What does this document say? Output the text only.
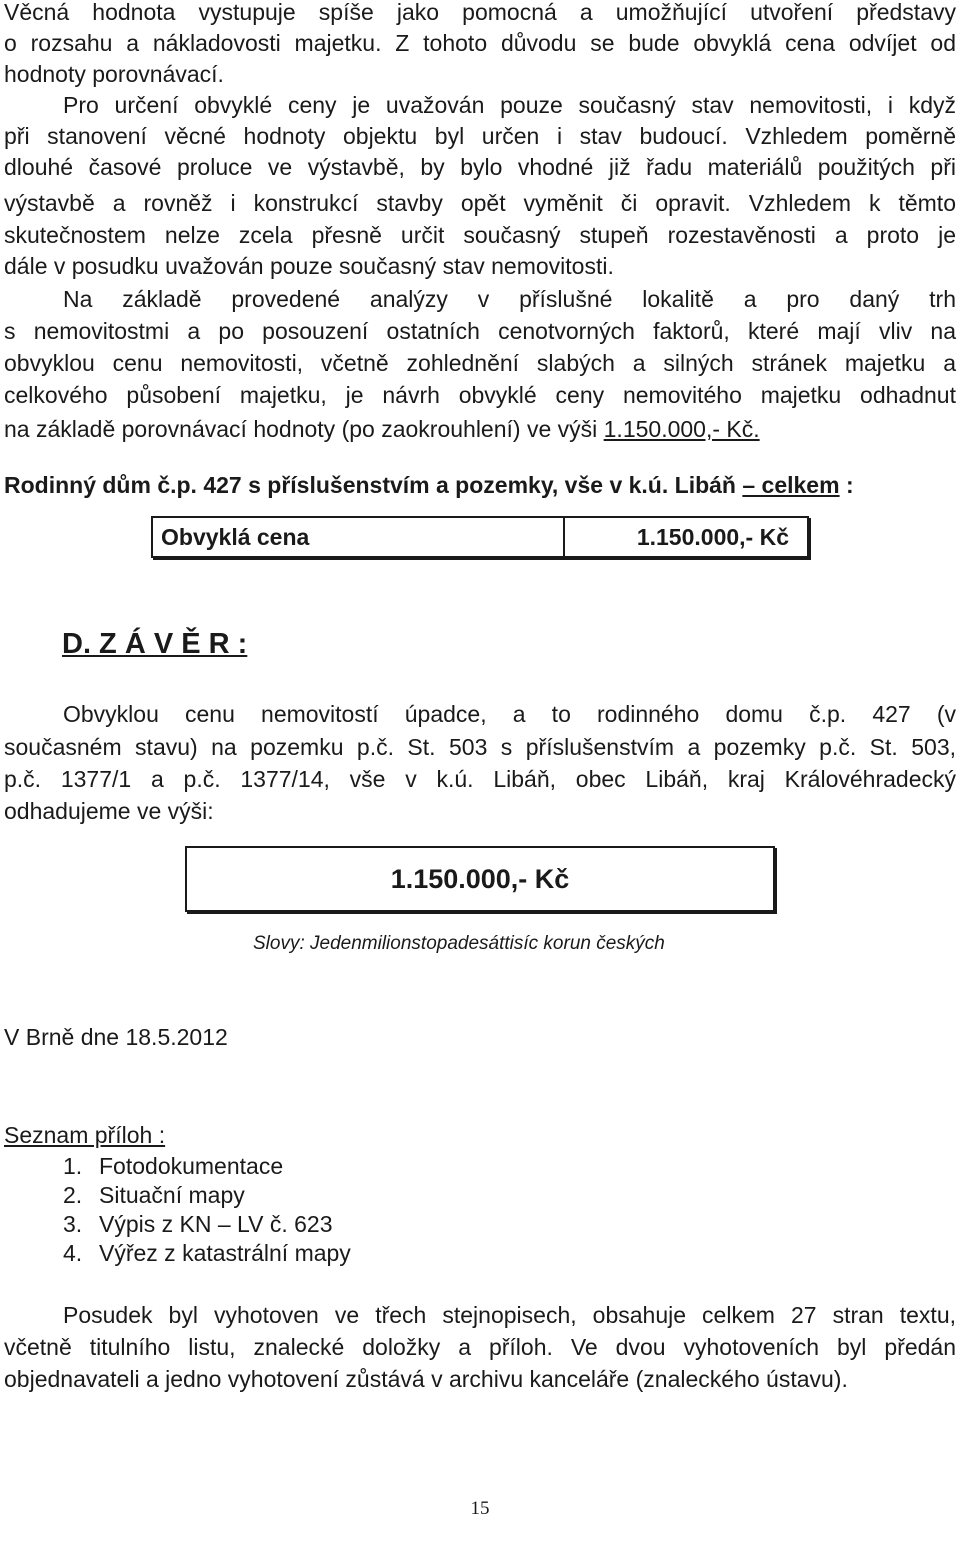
Věcná hodnota vystupuje spíše jako pomocná a umožňující utvoření představy
o rozsahu a nákladovosti majetku. Z tohoto důvodu se bude obvyklá cena odvíjet od
hodnoty porovnávací.
Pro určení obvyklé ceny je uvažován pouze současný stav nemovitosti, i když
při stanovení věcné hodnoty objektu byl určen i stav budoucí. Vzhledem poměrně
dlouhé časové proluce ve výstavbě, by bylo vhodné již řadu materiálů použitých při
výstavbě a rovněž i konstrukcí stavby opět vyměnit či opravit. Vzhledem k těmto
skutečnostem nelze zcela přesně určit současný stupeň rozestavěnosti a proto je
dále v posudku uvažován pouze současný stav nemovitosti.
Na základě provedené analýzy v příslušné lokalitě a pro daný trh
s nemovitostmi a po posouzení ostatních cenotvorných faktorů, které mají vliv na
obvyklou cenu nemovitosti, včetně zohlednění slabých a silných stránek majetku a
celkového působení majetku, je návrh obvyklé ceny nemovitého majetku odhadnut
na základě porovnávací hodnoty (po zaokrouhlení) ve výši 1.150.000,- Kč.
Rodinný dům č.p. 427 s příslušenstvím a pozemky, vše v k.ú. Libáň – celkem :
Obvyklá cena	1.150.000,- Kč
D. Z Á V Ě R :
Obvyklou cenu nemovitostí úpadce, a to rodinného domu č.p. 427 (v
současném stavu) na pozemku p.č. St. 503 s příslušenstvím a pozemky p.č. St. 503,
p.č. 1377/1 a p.č. 1377/14, vše v k.ú. Libáň, obec Libáň, kraj Královéhradecký
odhadujeme ve výši:
1.150.000,- Kč
Slovy: Jedenmilionstopadesáttisíc korun českých
V Brně dne 18.5.2012
Seznam příloh :
1. Fotodokumentace
2. Situační mapy
3. Výpis z KN – LV č. 623
4. Výřez z katastrální mapy
Posudek byl vyhotoven ve třech stejnopisech, obsahuje celkem 27 stran textu,
včetně titulního listu, znalecké doložky a příloh. Ve dvou vyhotoveních byl předán
objednavateli a jedno vyhotovení zůstává v archivu kanceláře (znaleckého ústavu).
15
